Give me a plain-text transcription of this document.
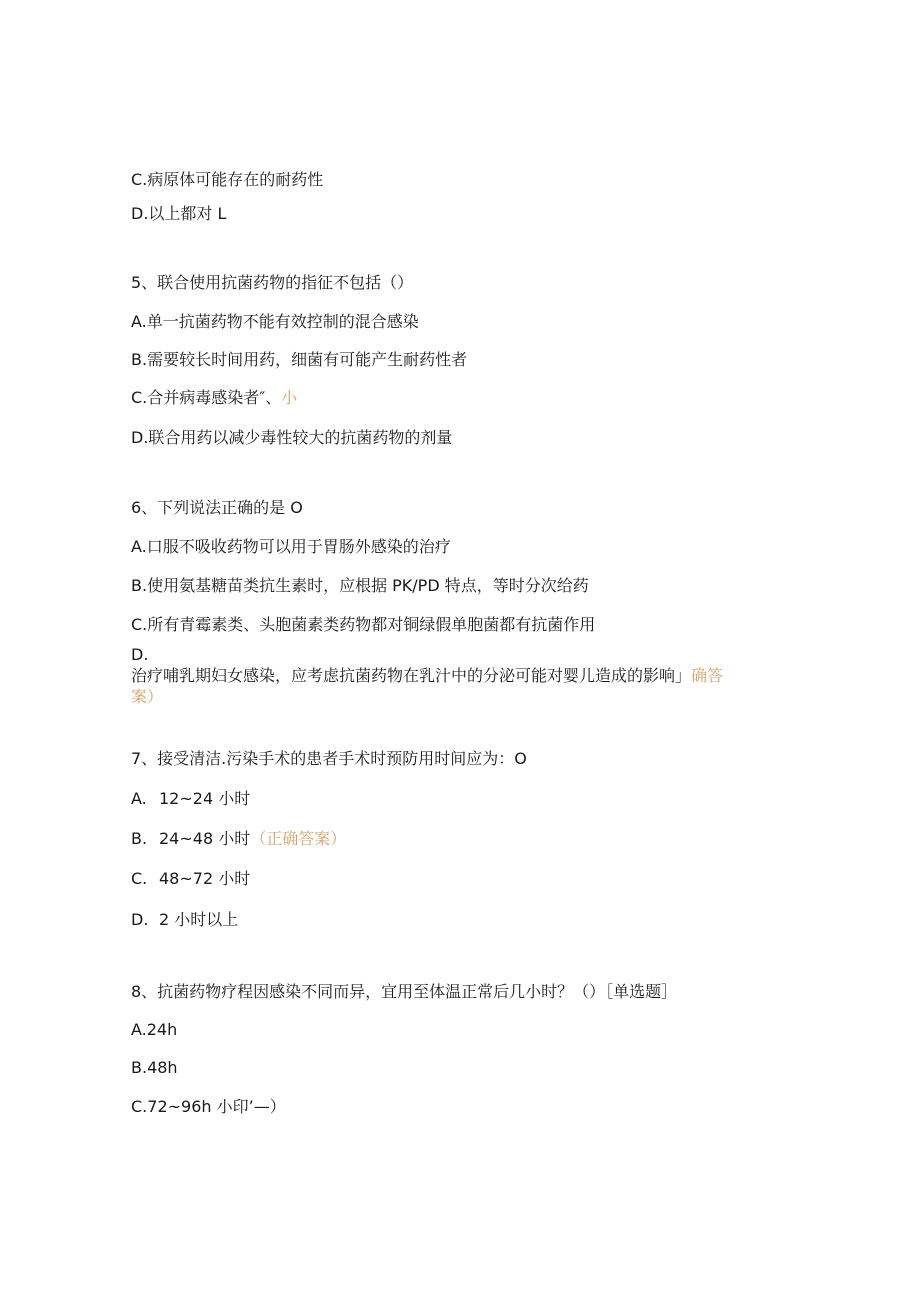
C.病原体可能存在的耐药性
D.以上都对 L
5、联合使用抗菌药物的指征不包括（）
A.单一抗菌药物不能有效控制的混合感染
B.需要较长时间用药，细菌有可能产生耐药性者
C.合并病毒感染者″、小
D.联合用药以减少毒性较大的抗菌药物的剂量
6、下列说法正确的是 O
A.口服不吸收药物可以用于胃肠外感染的治疗
B.使用氨基糖苗类抗生素时，应根据 PK/PD 特点，等时分次给药
C.所有青霉素类、头胞菌素类药物都对铜绿假单胞菌都有抗菌作用
D.
治疗哺乳期妇女感染，应考虑抗菌药物在乳汁中的分泌可能对婴儿造成的影响」确答
案）
7、接受清洁.污染手术的患者手术时预防用时间应为：O
A. 12~24 小时
B. 24~48 小时（正确答案）
C. 48~72 小时
D. 2 小时以上
8、抗菌药物疗程因感染不同而异，宜用至体温正常后几小时？（）［单选题］
A.24h
B.48h
C.72~96h 小印’—）
